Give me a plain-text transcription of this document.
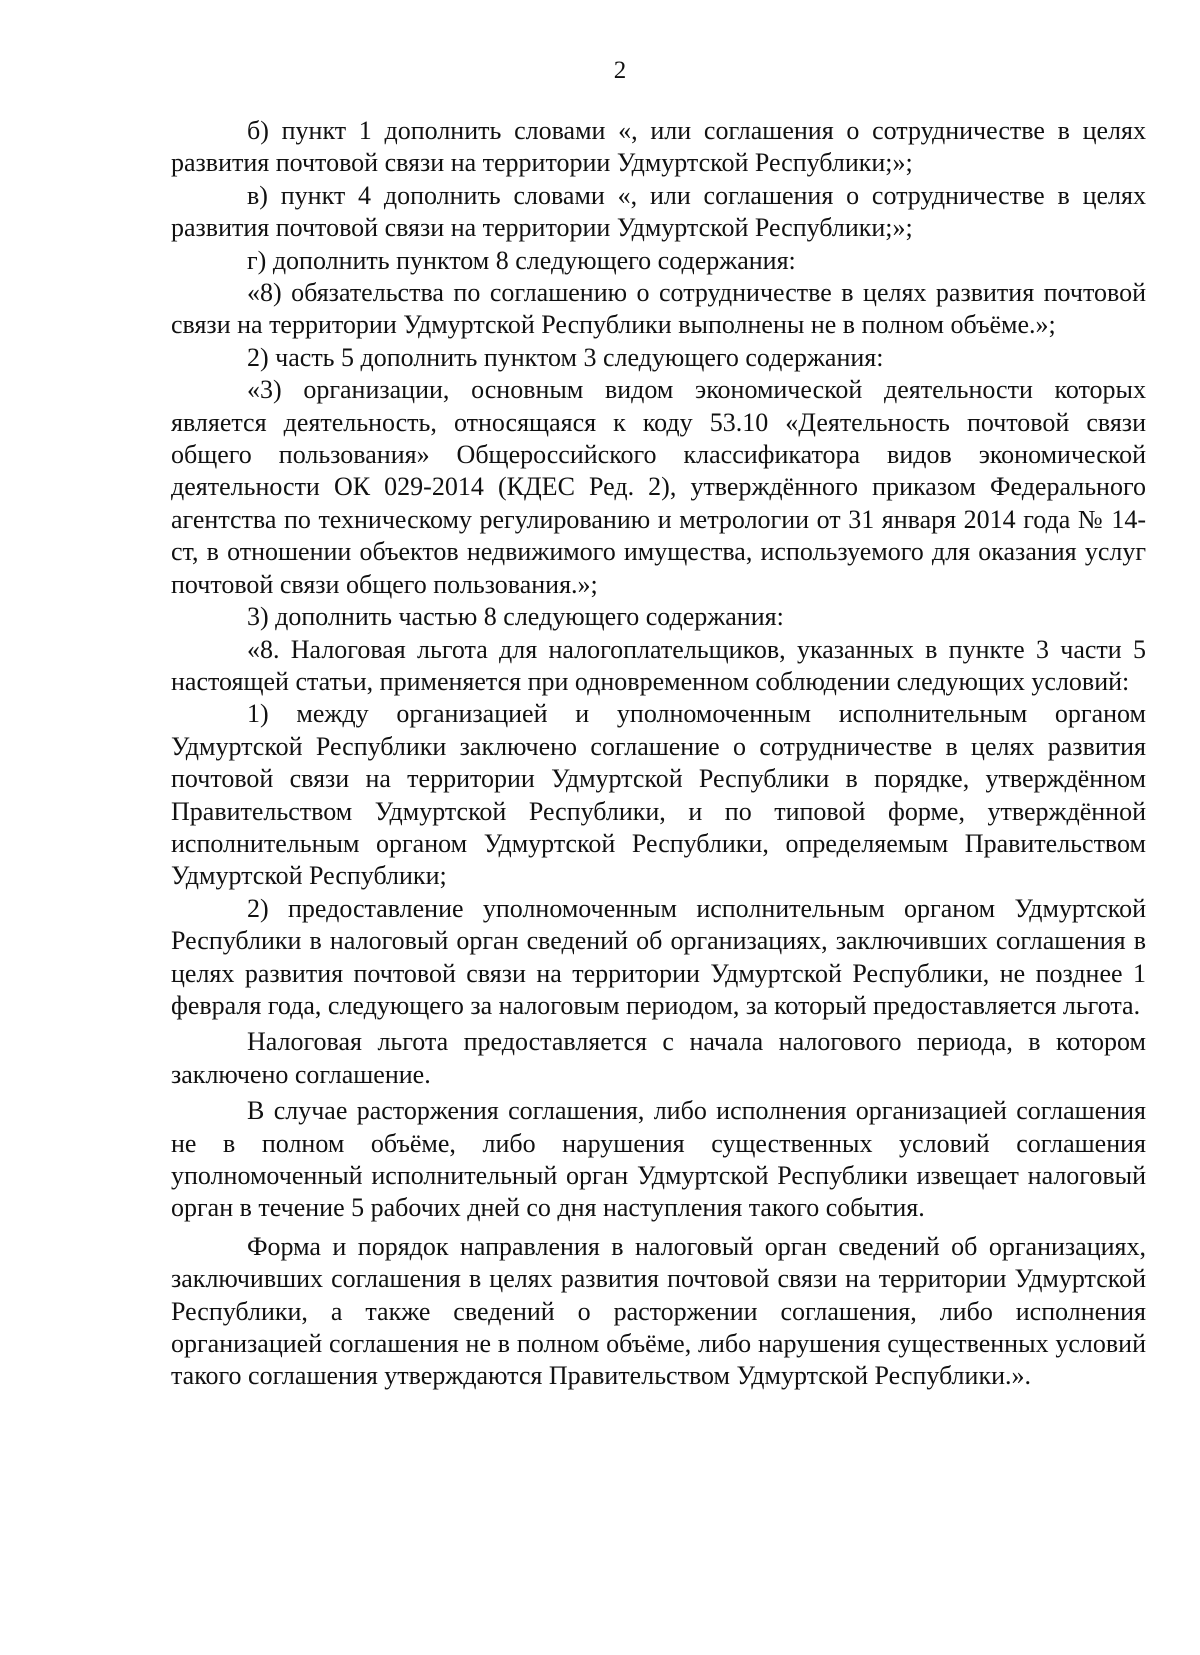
2

б) пункт 1 дополнить словами «, или соглашения о сотрудничестве в целях развития почтовой связи на территории Удмуртской Республики;»;

в) пункт 4 дополнить словами «, или соглашения о сотрудничестве в целях развития почтовой связи на территории Удмуртской Республики;»;

г) дополнить пунктом 8 следующего содержания:

«8) обязательства по соглашению о сотрудничестве в целях развития почтовой связи на территории Удмуртской Республики выполнены не в полном объёме.»;

2) часть 5 дополнить пунктом 3 следующего содержания:

«3) организации, основным видом экономической деятельности которых является деятельность, относящаяся к коду 53.10 «Деятельность почтовой связи общего пользования» Общероссийского классификатора видов экономической деятельности ОК 029-2014 (КДЕС Ред. 2), утверждённого приказом Федерального агентства по техническому регулированию и метрологии от 31 января 2014 года № 14-ст, в отношении объектов недвижимого имущества, используемого для оказания услуг почтовой связи общего пользования.»;

3) дополнить частью 8 следующего содержания:

«8. Налоговая льгота для налогоплательщиков, указанных в пункте 3 части 5 настоящей статьи, применяется при одновременном соблюдении следующих условий:

1) между организацией и уполномоченным исполнительным органом Удмуртской Республики заключено соглашение о сотрудничестве в целях развития почтовой связи на территории Удмуртской Республики в порядке, утверждённом Правительством Удмуртской Республики, и по типовой форме, утверждённой исполнительным органом Удмуртской Республики, определяемым Правительством Удмуртской Республики;

2) предоставление уполномоченным исполнительным органом Удмуртской Республики в налоговый орган сведений об организациях, заключивших соглашения в целях развития почтовой связи на территории Удмуртской Республики, не позднее 1 февраля года, следующего за налоговым периодом, за который предоставляется льгота.

Налоговая льгота предоставляется с начала налогового периода, в котором заключено соглашение.

В случае расторжения соглашения, либо исполнения организацией соглашения не в полном объёме, либо нарушения существенных условий соглашения уполномоченный исполнительный орган Удмуртской Республики извещает налоговый орган в течение 5 рабочих дней со дня наступления такого события.

Форма и порядок направления в налоговый орган сведений об организациях, заключивших соглашения в целях развития почтовой связи на территории Удмуртской Республики, а также сведений о расторжении соглашения, либо исполнения организацией соглашения не в полном объёме, либо нарушения существенных условий такого соглашения утверждаются Правительством Удмуртской Республики.».
